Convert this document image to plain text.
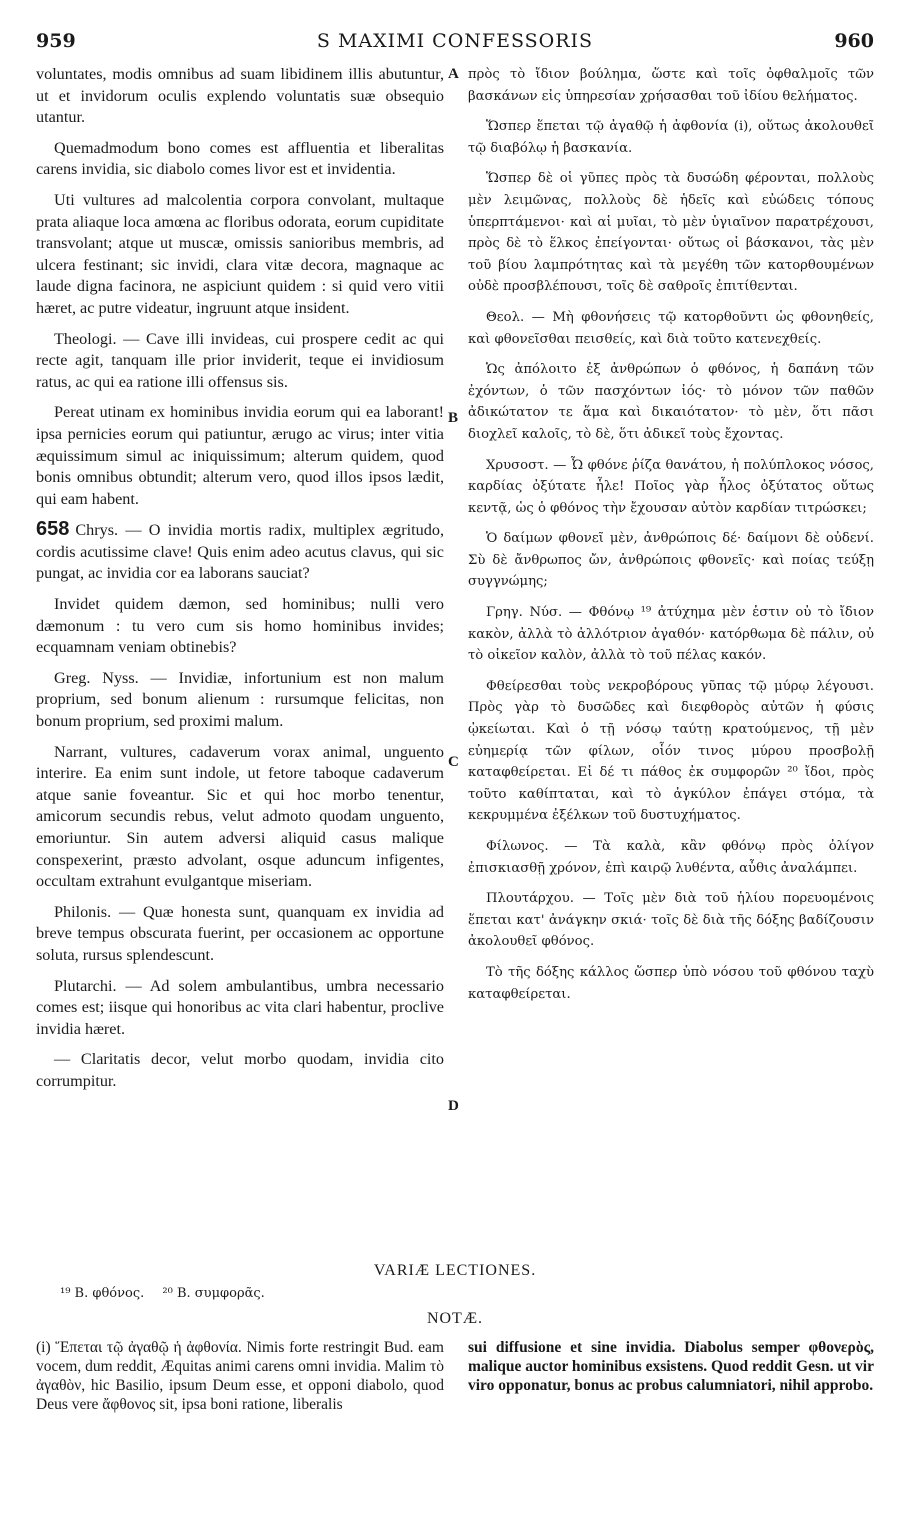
959	S MAXIMI CONFESSORIS	960

voluntates, modis omnibus ad suam libidinem illis abutuntur, ut et invidorum oculis explendo voluntatis suæ obsequio utantur.

Quemadmodum bono comes est affluentia et liberalitas carens invidia, sic diabolo comes livor est et invidentia.

Uti vultures ad malcolentia corpora convolant, multaque prata aliaque loca amœna ac floribus odorata, eorum cupiditate transvolant; atque ut muscæ, omissis sanioribus membris, ad ulcera festinant; sic invidi, clara vitæ decora, magnaque ac laude digna facinora, ne aspiciunt quidem : si quid vero vitii hæret, ac putre videatur, ingruunt atque insident.

Theologi. — Cave illi invideas, cui prospere cedit ac qui recte agit, tanquam ille prior inviderit, teque ei invidiosum ratus, ac qui ea ratione illi offensus sis.

Pereat utinam ex hominibus invidia eorum qui ea laborant! ipsa pernicies eorum qui patiuntur, ærugo ac virus; inter vitia æquissimum simul ac iniquissimum; alterum quidem, quod bonis omnibus obtundit; alterum vero, quod illos ipsos lædit, qui eam habent.

658 Chrys. — O invidia mortis radix, multiplex ægritudo, cordis acutissime clave! Quis enim adeo acutus clavus, qui sic pungat, ac invidia cor ea laborans sauciat?

Invidet quidem dæmon, sed hominibus; nulli vero dæmonum : tu vero cum sis homo hominibus invides; ecquamnam veniam obtinebis?

Greg. Nyss. — Invidiæ, infortunium est non malum proprium, sed bonum alienum : rursumque felicitas, non bonum proprium, sed proximi malum.

Narrant, vultures, cadaverum vorax animal, unguento interire. Ea enim sunt indole, ut fetore taboque cadaverum atque sanie foveantur. Sic et qui hoc morbo tenentur, amicorum secundis rebus, velut admoto quodam unguento, emoriuntur. Sin autem adversi aliquid casus malique conspexerint, præsto advolant, osque aduncum infigentes, occultam extrahunt evulgantque miseriam.

Philonis. — Quæ honesta sunt, quanquam ex invidia ad breve tempus obscurata fuerint, per occasionem ac opportune soluta, rursus splendescunt.

Plutarchi. — Ad solem ambulantibus, umbra necessario comes est; iisque qui honoribus ac vita clari habentur, proclive invidia hæret.

— Claritatis decor, velut morbo quodam, invidia cito corrumpitur.

A
B
C
D

πρὸς τὸ ἴδιον βούλημα, ὥστε καὶ τοῖς ὀφθαλμοῖς τῶν βασκάνων εἰς ὑπηρεσίαν χρήσασθαι τοῦ ἰδίου θελήματος.

Ὥσπερ ἕπεται τῷ ἀγαθῷ ἡ ἀφθονία (i), οὕτως ἀκολουθεῖ τῷ διαβόλῳ ἡ βασκανία.

Ὥσπερ δὲ οἱ γῦπες πρὸς τὰ δυσώδη φέρονται, πολλοὺς μὲν λειμῶνας, πολλοὺς δὲ ἡδεῖς καὶ εὐώδεις τόπους ὑπερπτάμενοι· καὶ αἱ μυῖαι, τὸ μὲν ὑγιαῖνον παρατρέχουσι, πρὸς δὲ τὸ ἕλκος ἐπείγονται· οὕτως οἱ βάσκανοι, τὰς μὲν τοῦ βίου λαμπρότητας καὶ τὰ μεγέθη τῶν κατορθουμένων οὐδὲ προσβλέπουσι, τοῖς δὲ σαθροῖς ἐπιτίθενται.

Θεολ. — Μὴ φθονήσεις τῷ κατορθοῦντι ὡς φθονηθείς, καὶ φθονεῖσθαι πεισθείς, καὶ διὰ τοῦτο κατενεχθείς.

Ὡς ἀπόλοιτο ἐξ ἀνθρώπων ὁ φθόνος, ἡ δαπάνη τῶν ἐχόντων, ὁ τῶν πασχόντων ἰός· τὸ μόνον τῶν παθῶν ἀδικώτατον τε ἅμα καὶ δικαιότατον· τὸ μὲν, ὅτι πᾶσι διοχλεῖ καλοῖς, τὸ δὲ, ὅτι ἀδικεῖ τοὺς ἔχοντας.

Χρυσοστ. — Ὦ φθόνε ῥίζα θανάτου, ἡ πολύπλοκος νόσος, καρδίας ὀξύτατε ἧλε! Ποῖος γὰρ ἧλος ὀξύτατος οὕτως κεντᾷ, ὡς ὁ φθόνος τὴν ἔχουσαν αὐτὸν καρδίαν τιτρώσκει;

Ὁ δαίμων φθονεῖ μὲν, ἀνθρώποις δέ· δαίμονι δὲ οὐδενί. Σὺ δὲ ἄνθρωπος ὤν, ἀνθρώποις φθονεῖς· καὶ ποίας τεύξῃ συγγνώμης;

Γρηγ. Νύσ. — Φθόνῳ ¹⁹ ἀτύχημα μὲν ἐστιν οὐ τὸ ἴδιον κακὸν, ἀλλὰ τὸ ἀλλότριον ἀγαθόν· κατόρθωμα δὲ πάλιν, οὐ τὸ οἰκεῖον καλὸν, ἀλλὰ τὸ τοῦ πέλας κακόν.

Φθείρεσθαι τοὺς νεκροβόρους γῦπας τῷ μύρῳ λέγουσι. Πρὸς γὰρ τὸ δυσῶδες καὶ διεφθορὸς αὐτῶν ἡ φύσις ᾠκείωται. Καὶ ὁ τῇ νόσῳ ταύτῃ κρατούμενος, τῇ μὲν εὐημερίᾳ τῶν φίλων, οἷόν τινος μύρου προσβολῇ καταφθείρεται. Εἰ δέ τι πάθος ἐκ συμφορῶν ²⁰ ἴδοι, πρὸς τοῦτο καθίπταται, καὶ τὸ ἀγκύλον ἐπάγει στόμα, τὰ κεκρυμμένα ἐξέλκων τοῦ δυστυχήματος.

Φίλωνος. — Τὰ καλὰ, κἂν φθόνῳ πρὸς ὀλίγον ἐπισκιασθῇ χρόνον, ἐπὶ καιρῷ λυθέντα, αὖθις ἀναλάμπει.

Πλουτάρχου. — Τοῖς μὲν διὰ τοῦ ἡλίου πορευομένοις ἕπεται κατ' ἀνάγκην σκιά· τοῖς δὲ διὰ τῆς δόξης βαδίζουσιν ἀκολουθεῖ φθόνος.

Τὸ τῆς δόξης κάλλος ὥσπερ ὑπὸ νόσου τοῦ φθόνου ταχὺ καταφθείρεται.

VARIÆ LECTIONES.
¹⁹ B. φθόνος. ²⁰ B. συμφορᾶς.
NOTÆ.
(i) Ἕπεται τῷ ἀγαθῷ ἡ ἀφθονία. Nimis forte restringit Bud. eam vocem, dum reddit, Æquitas animi carens omni invidia. Malim τὸ ἀγαθὸν, hic Basilio, ipsum Deum esse, et opponi diabolo, quod Deus vere ἄφθονος sit, ipsa boni ratione, liberalis
sui diffusione et sine invidia. Diabolus semper φθονερὸς, malique auctor hominibus exsistens. Quod reddit Gesn. ut vir viro opponatur, bonus ac probus calumniatori, nihil approbo.
